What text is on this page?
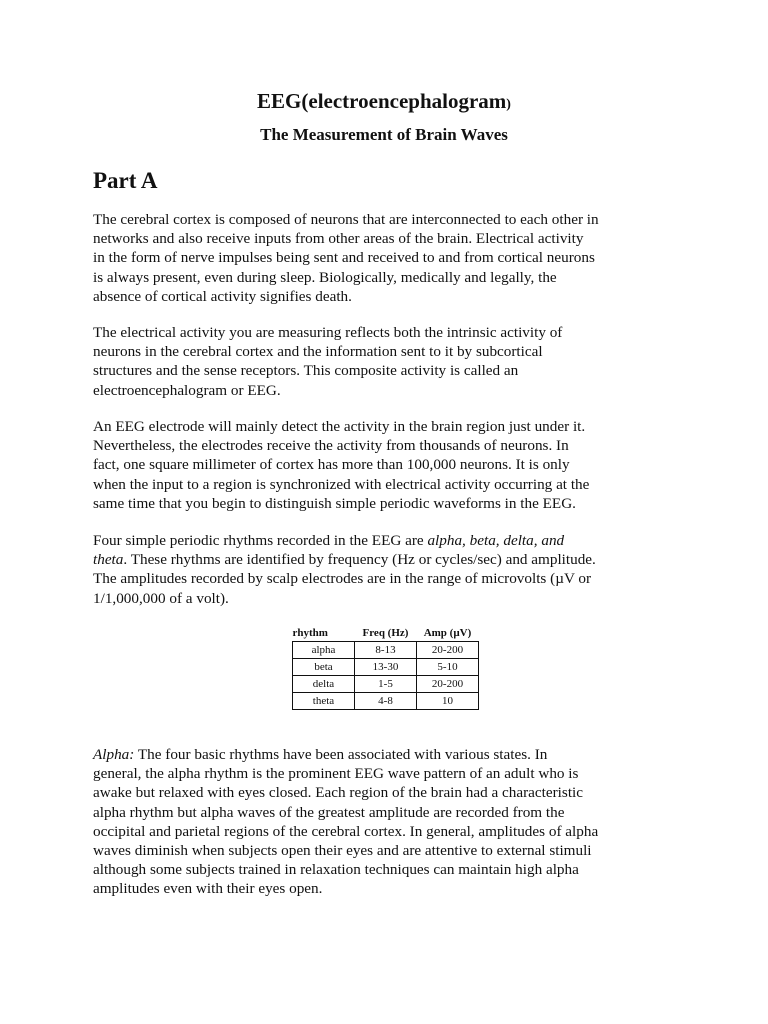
EEG(electroencephalogram)
The Measurement of Brain Waves
Part A

The cerebral cortex is composed of neurons that are interconnected to each other in
networks and also receive inputs from other areas of the brain. Electrical activity
in the form of nerve impulses being sent and received to and from cortical neurons
is always present, even during sleep. Biologically, medically and legally, the
absence of cortical activity signifies death.

The electrical activity you are measuring reflects both the intrinsic activity of
neurons in the cerebral cortex and the information sent to it by subcortical
structures and the sense receptors. This composite activity is called an
electroencephalogram or EEG.

An EEG electrode will mainly detect the activity in the brain region just under it.
Nevertheless, the electrodes receive the activity from thousands of neurons. In
fact, one square millimeter of cortex has more than 100,000 neurons. It is only
when the input to a region is synchronized with electrical activity occurring at the
same time that you begin to distinguish simple periodic waveforms in the EEG.

Four simple periodic rhythms recorded in the EEG are alpha, beta, delta, and
theta. These rhythms are identified by frequency (Hz or cycles/sec) and amplitude.
The amplitudes recorded by scalp electrodes are in the range of microvolts (µV or
1/1,000,000 of a volt).

rhythm	Freq (Hz)	Amp (µV)
alpha	8-13	20-200
beta	13-30	5-10
delta	1-5	20-200
theta	4-8	10

Alpha: The four basic rhythms have been associated with various states. In
general, the alpha rhythm is the prominent EEG wave pattern of an adult who is
awake but relaxed with eyes closed. Each region of the brain had a characteristic
alpha rhythm but alpha waves of the greatest amplitude are recorded from the
occipital and parietal regions of the cerebral cortex. In general, amplitudes of alpha
waves diminish when subjects open their eyes and are attentive to external stimuli
although some subjects trained in relaxation techniques can maintain high alpha
amplitudes even with their eyes open.
